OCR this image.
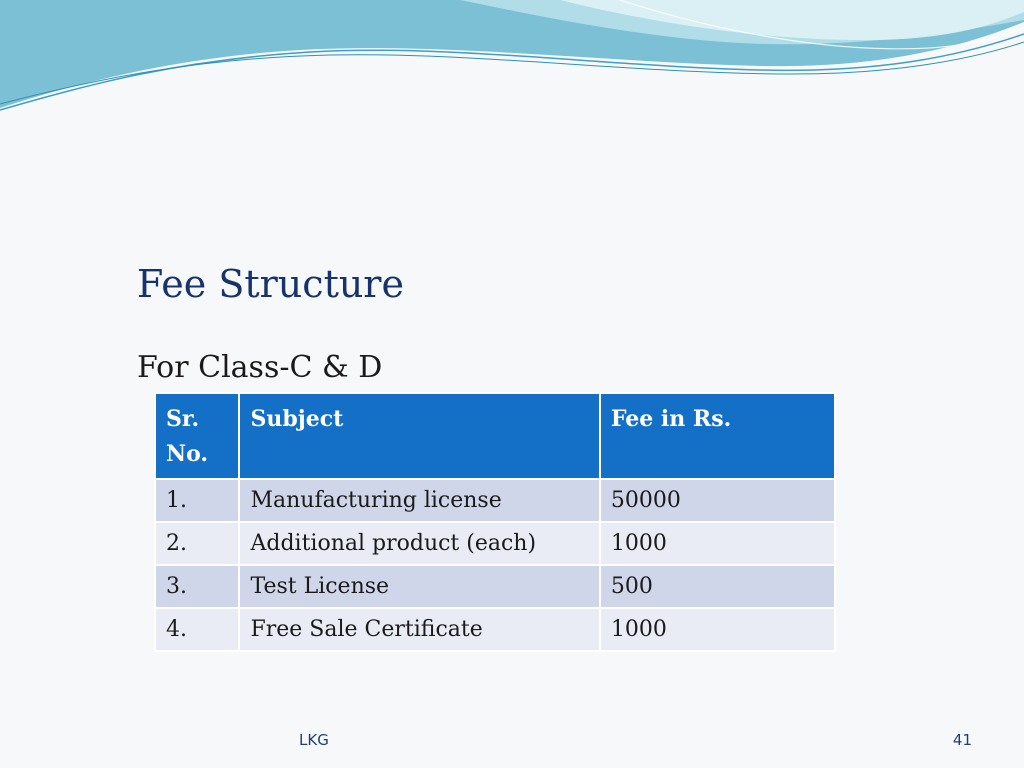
Fee Structure
For Class-C & D
Sr. No.	Subject	Fee in Rs.
1.	Manufacturing license	50000
2.	Additional product (each)	1000
3.	Test License	500
4.	Free Sale Certificate	1000
LKG	41
